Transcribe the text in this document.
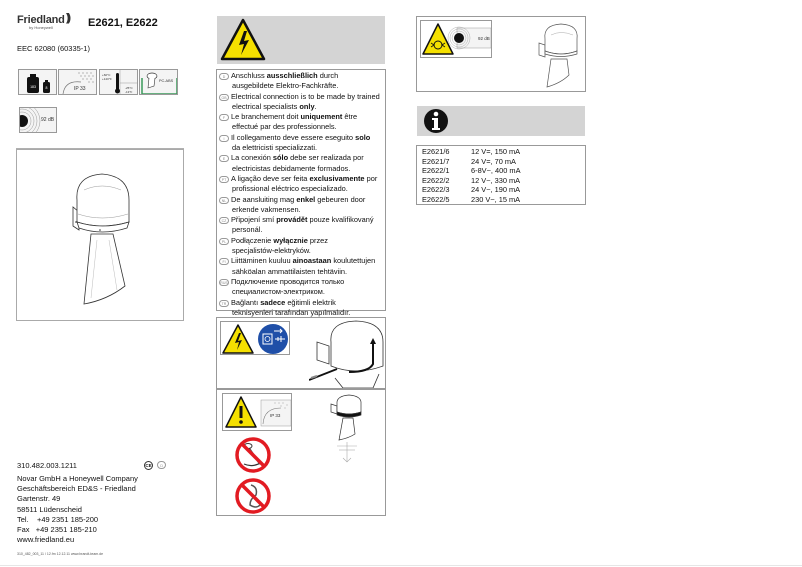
Friedland )))
by Honeywell	E2621, E2622
EEC 62080 (60335-1)
183	8	IP 33
+60°C
+140°F
-25°C
-13°F
PC-ABS
92 dB
310.482.003.1211	CE D
Novar GmbH a Honeywell Company
Geschäftsbereich ED&S - Friedland
Gartenstr. 49
58511 Lüdenscheid
Tel.    +49 2351 185-200
Fax   +49 2351 185-210
www.friedland.eu
310_482_003_11 / 12.fm 12.12.11 www.brandt-team.de
D Anschluss ausschließlich durch
ausgebildete Elektro-Fachkräfte.
GB Electrical connection is to be made by trained
electrical specialists only.
F Le branchement doit uniquement être
effectué par des professionnels.
I Il collegamento deve essere eseguito solo
da elettricisti specializzati.
E La conexión sólo debe ser realizada por
electricistas debidamente formados.
PT A ligação deve ser feita exclusivamente por
profissional eléctrico especializado.
NL De aansluiting mag enkel gebeuren door
erkende vakmensen.
CZ Připojení smí provádět pouze kvalifikovaný
personál.
PL Podłączenie wyłącznie przez
specjalistów-elektryków.
FI Liittäminen kuuluu ainoastaan koulutettujen
sähköalan ammattilaisten tehtäviin.
RUS Подключение проводится только
специалистом-электриком.
TR Bağlantı sadece eğitimli elektrik
teknisyenleri tarafından yapılmalıdır.
IP 33
92 dB
E2621/6	12 V=, 150 mA
E2621/7	24 V=, 70 mA
E2622/1	6-8V~, 400 mA
E2622/2	12 V~, 330 mA
E2622/3	24 V~, 190 mA
E2622/5	230 V~, 15 mA
